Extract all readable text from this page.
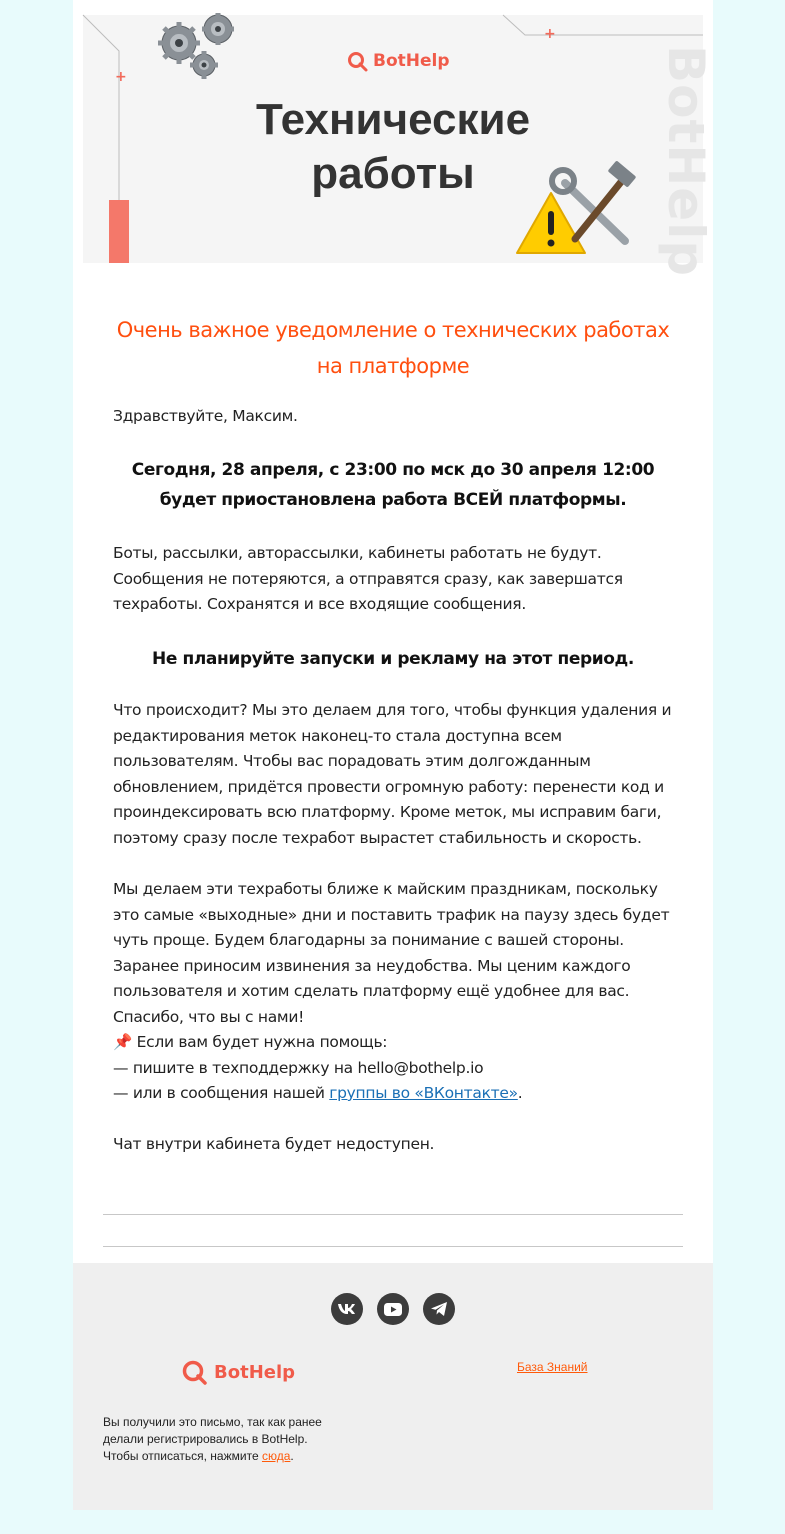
+
+
BotHelp
Технические
работы	BotHelp
Очень важное уведомление о технических работах на платформе
Здравствуйте, Максим.
Сегодня, 28 апреля, с 23:00 по мск до 30 апреля 12:00 будет приостановлена работа ВСЕЙ платформы.
Боты, рассылки, авторассылки, кабинеты работать не будут. Сообщения не потеряются, а отправятся сразу, как завершатся техработы. Сохранятся и все входящие сообщения.
Не планируйте запуски и рекламу на этот период.
Что происходит? Мы это делаем для того, чтобы функция удаления и редактирования меток наконец-то стала доступна всем пользователям. Чтобы вас порадовать этим долгожданным обновлением, придётся провести огромную работу: перенести код и проиндексировать всю платформу. Кроме меток, мы исправим баги, поэтому сразу после техработ вырастет стабильность и скорость.
Мы делаем эти техработы ближе к майским праздникам, поскольку это самые «выходные» дни и поставить трафик на паузу здесь будет чуть проще. Будем благодарны за понимание с вашей стороны. Заранее приносим извинения за неудобства. Мы ценим каждого пользователя и хотим сделать платформу ещё удобнее для вас. Спасибо, что вы с нами!
📌 Если вам будет нужна помощь:
— пишите в техподдержку на hello@bothelp.io
— или в сообщения нашей группы во «ВКонтакте».
Чат внутри кабинета будет недоступен.
BotHelp	База Знаний
Вы получили это письмо, так как ранее делали регистрировались в BotHelp.
Чтобы отписаться, нажмите сюда.
